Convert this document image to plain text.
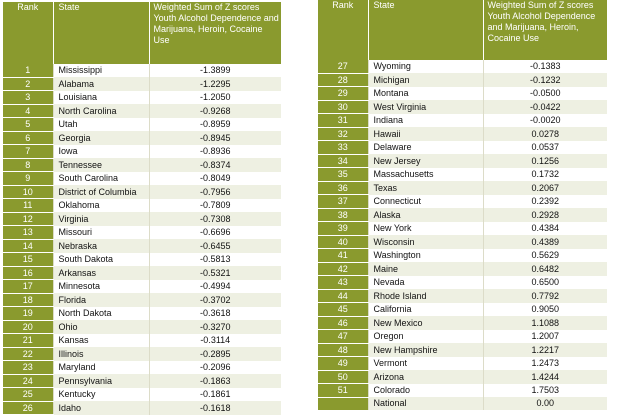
Rank	State	Weighted Sum of Z scores Youth Alcohol Dependence and Marijuana, Heroin, Cocaine Use
1	Mississippi	-1.3899
2	Alabama	-1.2295
3	Louisiana	-1.2050
4	North Carolina	-0.9268
5	Utah	-0.8959
6	Georgia	-0.8945
7	Iowa	-0.8936
8	Tennessee	-0.8374
9	South Carolina	-0.8049
10	District of Columbia	-0.7956
11	Oklahoma	-0.7809
12	Virginia	-0.7308
13	Missouri	-0.6696
14	Nebraska	-0.6455
15	South Dakota	-0.5813
16	Arkansas	-0.5321
17	Minnesota	-0.4994
18	Florida	-0.3702
19	North Dakota	-0.3618
20	Ohio	-0.3270
21	Kansas	-0.3114
22	Illinois	-0.2895
23	Maryland	-0.2096
24	Pennsylvania	-0.1863
25	Kentucky	-0.1861
26	Idaho	-0.1618
Rank	State	Weighted Sum of Z scores Youth Alcohol Dependence and Marijuana, Heroin, Cocaine Use
27	Wyoming	-0.1383
28	Michigan	-0.1232
29	Montana	-0.0500
30	West Virginia	-0.0422
31	Indiana	-0.0020
32	Hawaii	0.0278
33	Delaware	0.0537
34	New Jersey	0.1256
35	Massachusetts	0.1732
36	Texas	0.2067
37	Connecticut	0.2392
38	Alaska	0.2928
39	New York	0.4384
40	Wisconsin	0.4389
41	Washington	0.5629
42	Maine	0.6482
43	Nevada	0.6500
44	Rhode Island	0.7792
45	California	0.9050
46	New Mexico	1.1088
47	Oregon	1.2007
48	New Hampshire	1.2217
49	Vermont	1.2473
50	Arizona	1.4244
51	Colorado	1.7503
	National	0.00
